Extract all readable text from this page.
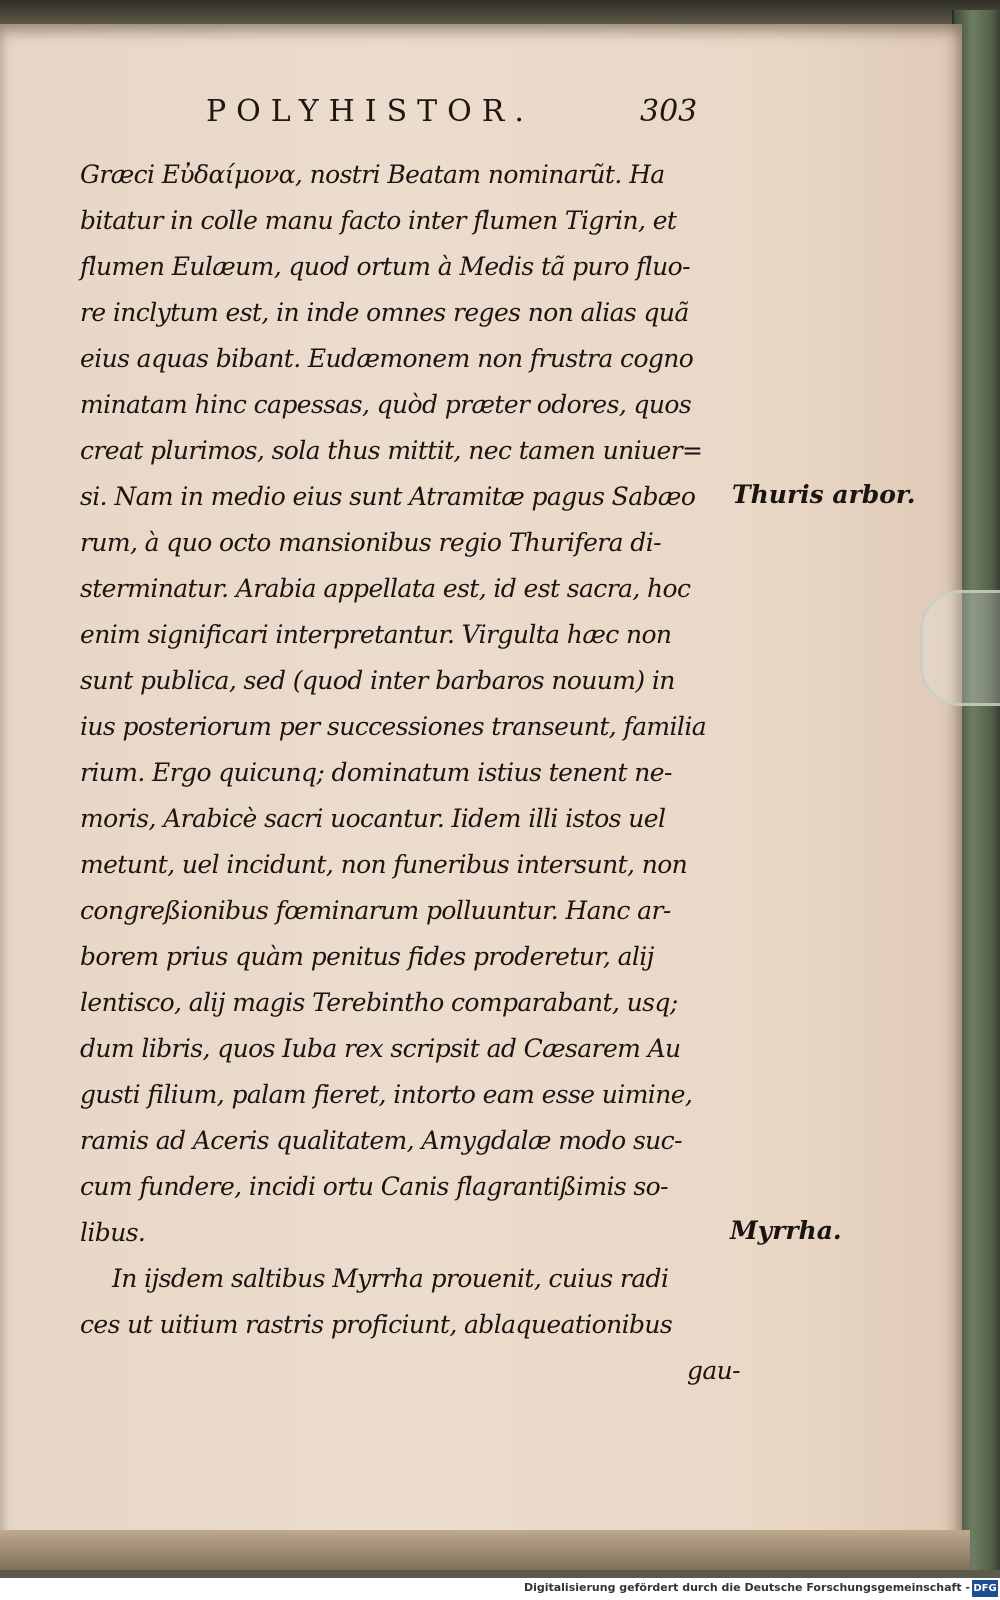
POLYHISTOR.	303
Græci Εὐδαίμονα, nostri Beatam nominarũt. Ha
bitatur in colle manu facto inter flumen Tigrin, et
flumen Eulæum, quod ortum à Medis tã puro fluo-
re inclytum est, in inde omnes reges non alias quã
eius aquas bibant. Eudæmonem non frustra cogno
minatam hinc capessas, quòd præter odores, quos
creat plurimos, sola thus mittit, nec tamen uniuer=
si. Nam in medio eius sunt Atramitæ pagus Sabæo
rum, à quo octo mansionibus regio Thurifera di-
sterminatur. Arabia appellata est, id est sacra, hoc
enim significari interpretantur. Virgulta hæc non
sunt publica, sed (quod inter barbaros nouum) in
ius posteriorum per successiones transeunt, familia
rium. Ergo quicunq; dominatum istius tenent ne-
moris, Arabicè sacri uocantur. Iidem illi istos uel
metunt, uel incidunt, non funeribus intersunt, non
congreßionibus fœminarum polluuntur. Hanc ar-
borem prius quàm penitus fides proderetur, alij
lentisco, alij magis Terebintho comparabant, usq;
dum libris, quos Iuba rex scripsit ad Cæsarem Au
gusti filium, palam fieret, intorto eam esse uimine,
ramis ad Aceris qualitatem, Amygdalæ modo suc-
cum fundere, incidi ortu Canis flagrantißimis so-
libus.
In ijsdem saltibus Myrrha prouenit, cuius radi
ces ut uitium rastris proficiunt, ablaqueationibus
gau-
Thuris arbor.
Myrrha.
Digitalisierung gefördert durch die Deutsche Forschungsgemeinschaft - DFG
